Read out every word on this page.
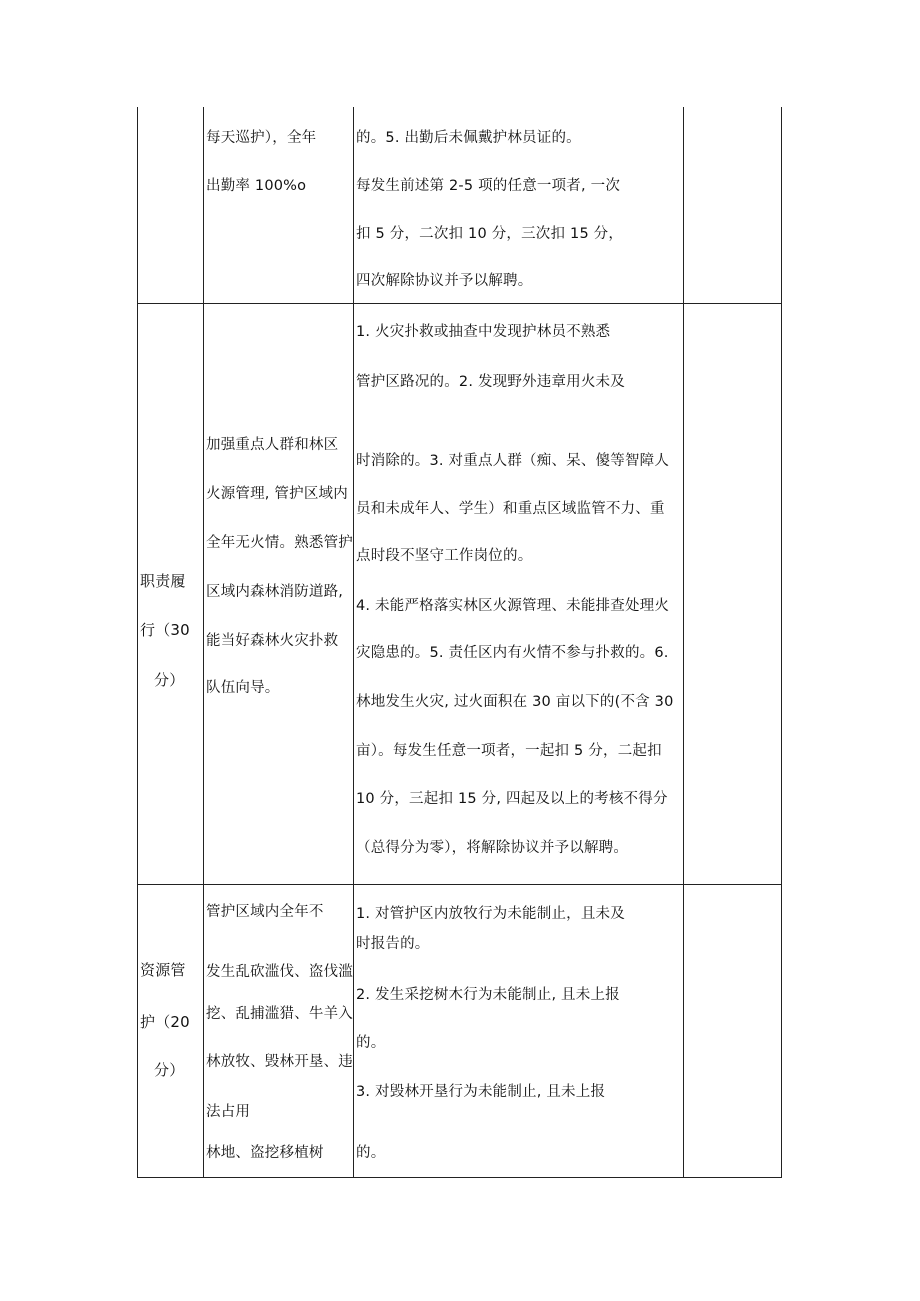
每天巡护），全年
出勤率 100%o
的。5. 出勤后未佩戴护林员证的。
每发生前述第 2-5 项的任意一项者, 一次
扣 5 分，二次扣 10 分，三次扣 15 分，
四次解除协议并予以解聘。
职责履
行（30
分）
加强重点人群和林区
火源管理, 管护区域内
全年无火情。熟悉管护
区域内森林消防道路,
能当好森林火灾扑救
队伍向导。
1. 火灾扑救或抽查中发现护林员不熟悉
管护区路况的。2. 发现野外违章用火未及
时消除的。3. 对重点人群（痴、呆、傻等智障人
员和未成年人、学生）和重点区域监管不力、重
点时段不坚守工作岗位的。
4. 未能严格落实林区火源管理、未能排查处理火
灾隐患的。5. 责任区内有火情不参与扑救的。6.
林地发生火灾, 过火面积在 30 亩以下的(不含 30
亩）。每发生任意一项者，一起扣 5 分，二起扣
10 分，三起扣 15 分, 四起及以上的考核不得分
（总得分为零），将解除协议并予以解聘。
资源管
护（20
分）
管护区域内全年不
发生乱砍滥伐、盗伐滥
挖、乱捕滥猎、牛羊入
林放牧、毁林开垦、违
法占用
林地、盗挖移植树
1. 对管护区内放牧行为未能制止，且未及
时报告的。
2. 发生采挖树木行为未能制止, 且未上报
的。
3. 对毁林开垦行为未能制止, 且未上报
的。
